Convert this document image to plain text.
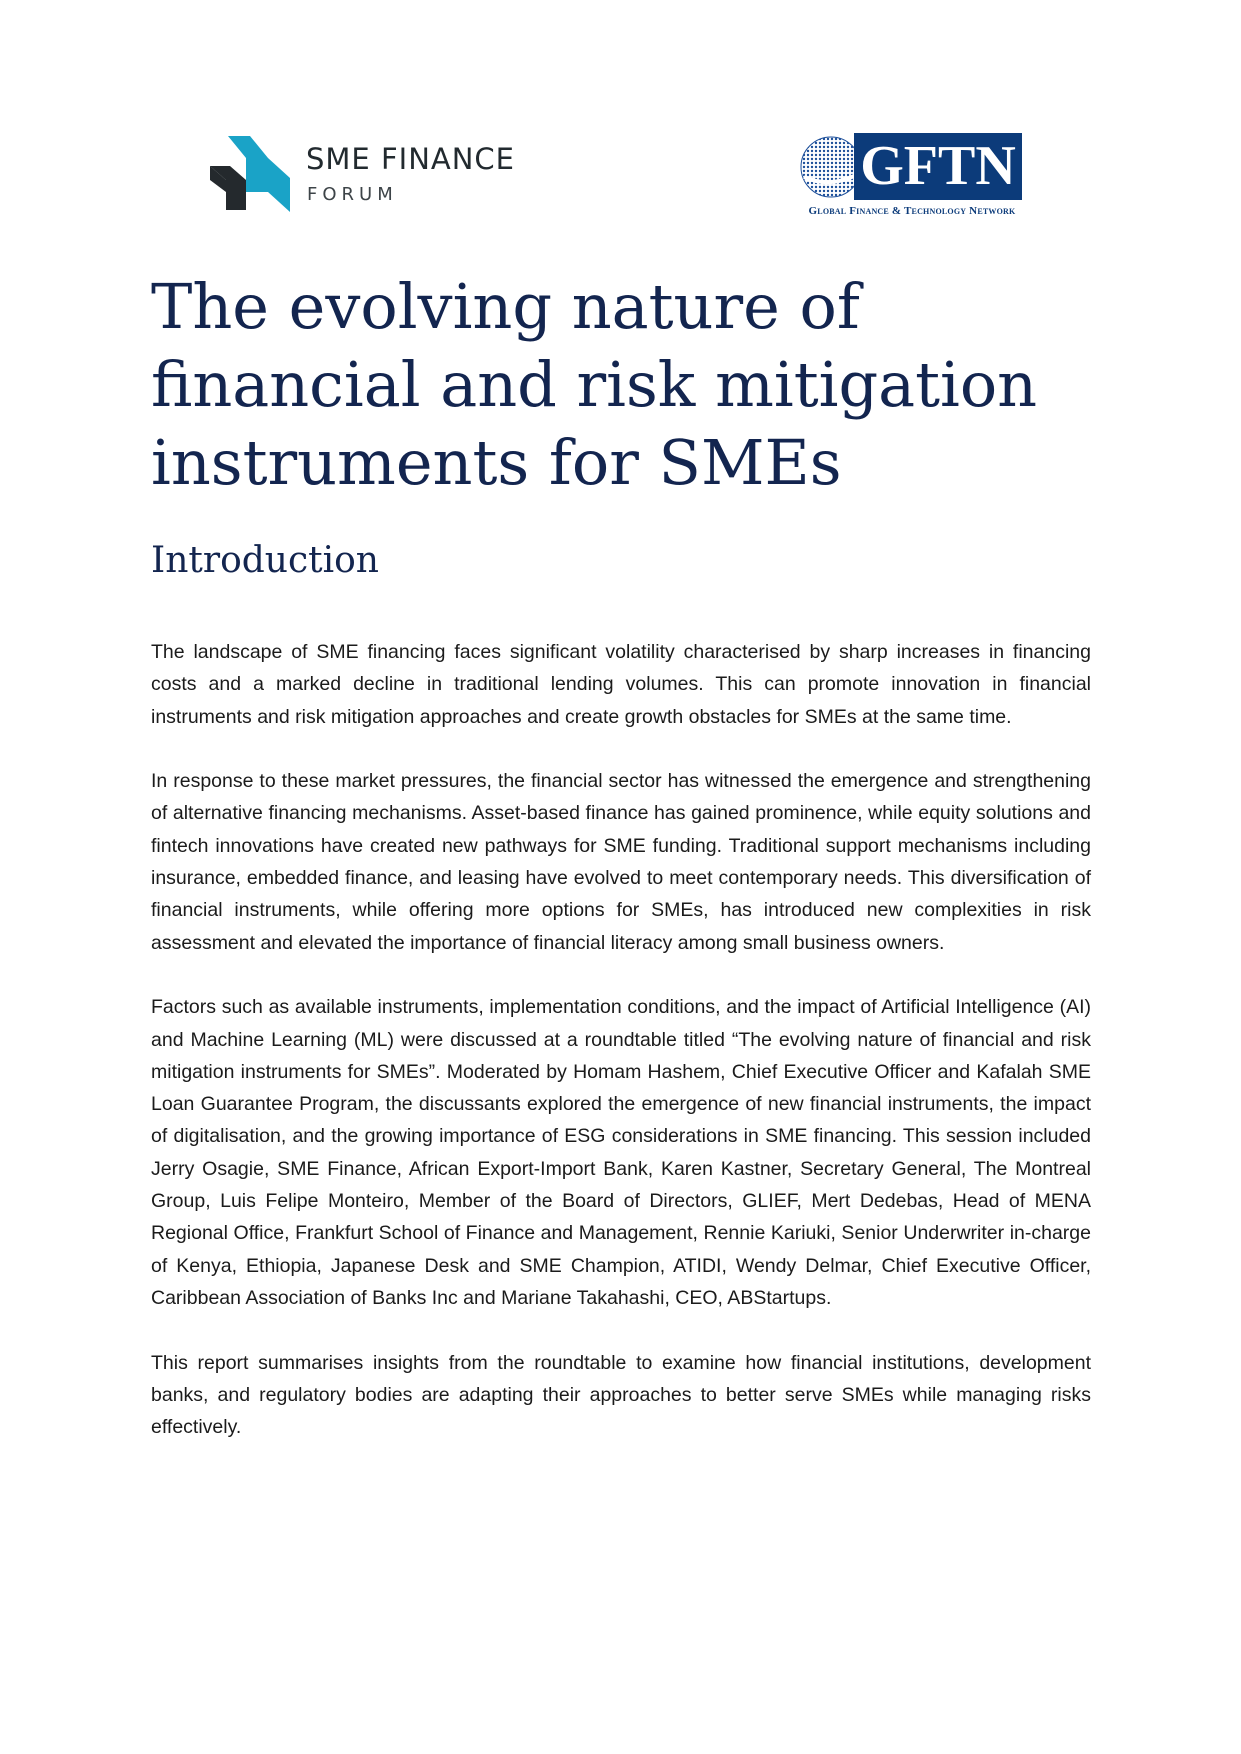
SME FINANCE
FORUM	GFTN
Global Finance & Technology Network
The evolving nature of financial and risk mitigation instruments for SMEs
Introduction

The landscape of SME financing faces significant volatility characterised by sharp increases in financing costs and a marked decline in traditional lending volumes. This can promote innovation in financial instruments and risk mitigation approaches and create growth obstacles for SMEs at the same time.

In response to these market pressures, the financial sector has witnessed the emergence and strengthening of alternative financing mechanisms. Asset-based finance has gained prominence, while equity solutions and fintech innovations have created new pathways for SME funding. Traditional support mechanisms including insurance, embedded finance, and leasing have evolved to meet contemporary needs. This diversification of financial instruments, while offering more options for SMEs, has introduced new complexities in risk assessment and elevated the importance of financial literacy among small business owners.

Factors such as available instruments, implementation conditions, and the impact of Artificial Intelligence (AI) and Machine Learning (ML) were discussed at a roundtable titled “The evolving nature of financial and risk mitigation instruments for SMEs”. Moderated by Homam Hashem, Chief Executive Officer and Kafalah SME Loan Guarantee Program, the discussants explored the emergence of new financial instruments, the impact of digitalisation, and the growing importance of ESG considerations in SME financing. This session included Jerry Osagie, SME Finance, African Export-Import Bank, Karen Kastner, Secretary General, The Montreal Group, Luis Felipe Monteiro, Member of the Board of Directors, GLIEF, Mert Dedebas, Head of MENA Regional Office, Frankfurt School of Finance and Management, Rennie Kariuki, Senior Underwriter in-charge of Kenya, Ethiopia, Japanese Desk and SME Champion, ATIDI, Wendy Delmar, Chief Executive Officer, Caribbean Association of Banks Inc and Mariane Takahashi, CEO, ABStartups.

This report summarises insights from the roundtable to examine how financial institutions, development banks, and regulatory bodies are adapting their approaches to better serve SMEs while managing risks effectively.
